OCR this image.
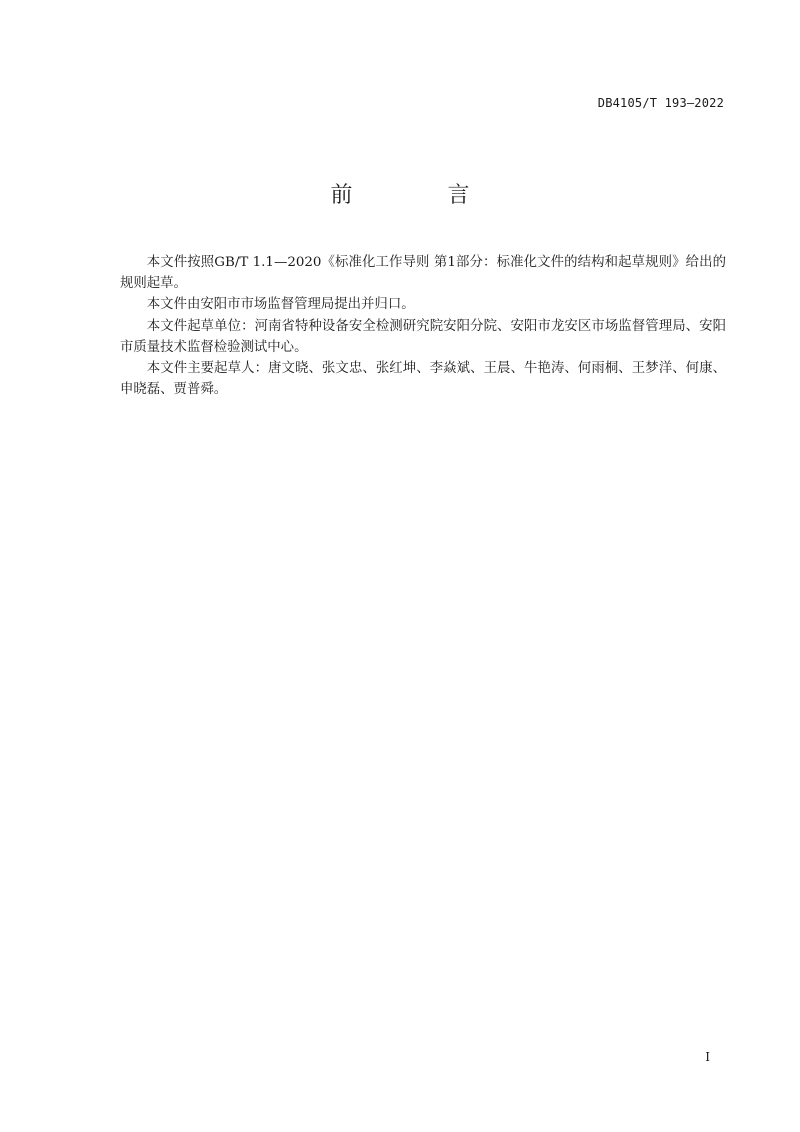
DB4105/T 193—2022
前 言

本文件按照GB/T 1.1—2020《标准化工作导则 第1部分：标准化文件的结构和起草规则》给出的规则起草。

本文件由安阳市市场监督管理局提出并归口。

本文件起草单位：河南省特种设备安全检测研究院安阳分院、安阳市龙安区市场监督管理局、安阳市质量技术监督检验测试中心。

本文件主要起草人：唐文晓、张文忠、张红坤、李焱斌、王晨、牛艳涛、何雨桐、王梦洋、何康、申晓磊、贾普舜。

I
